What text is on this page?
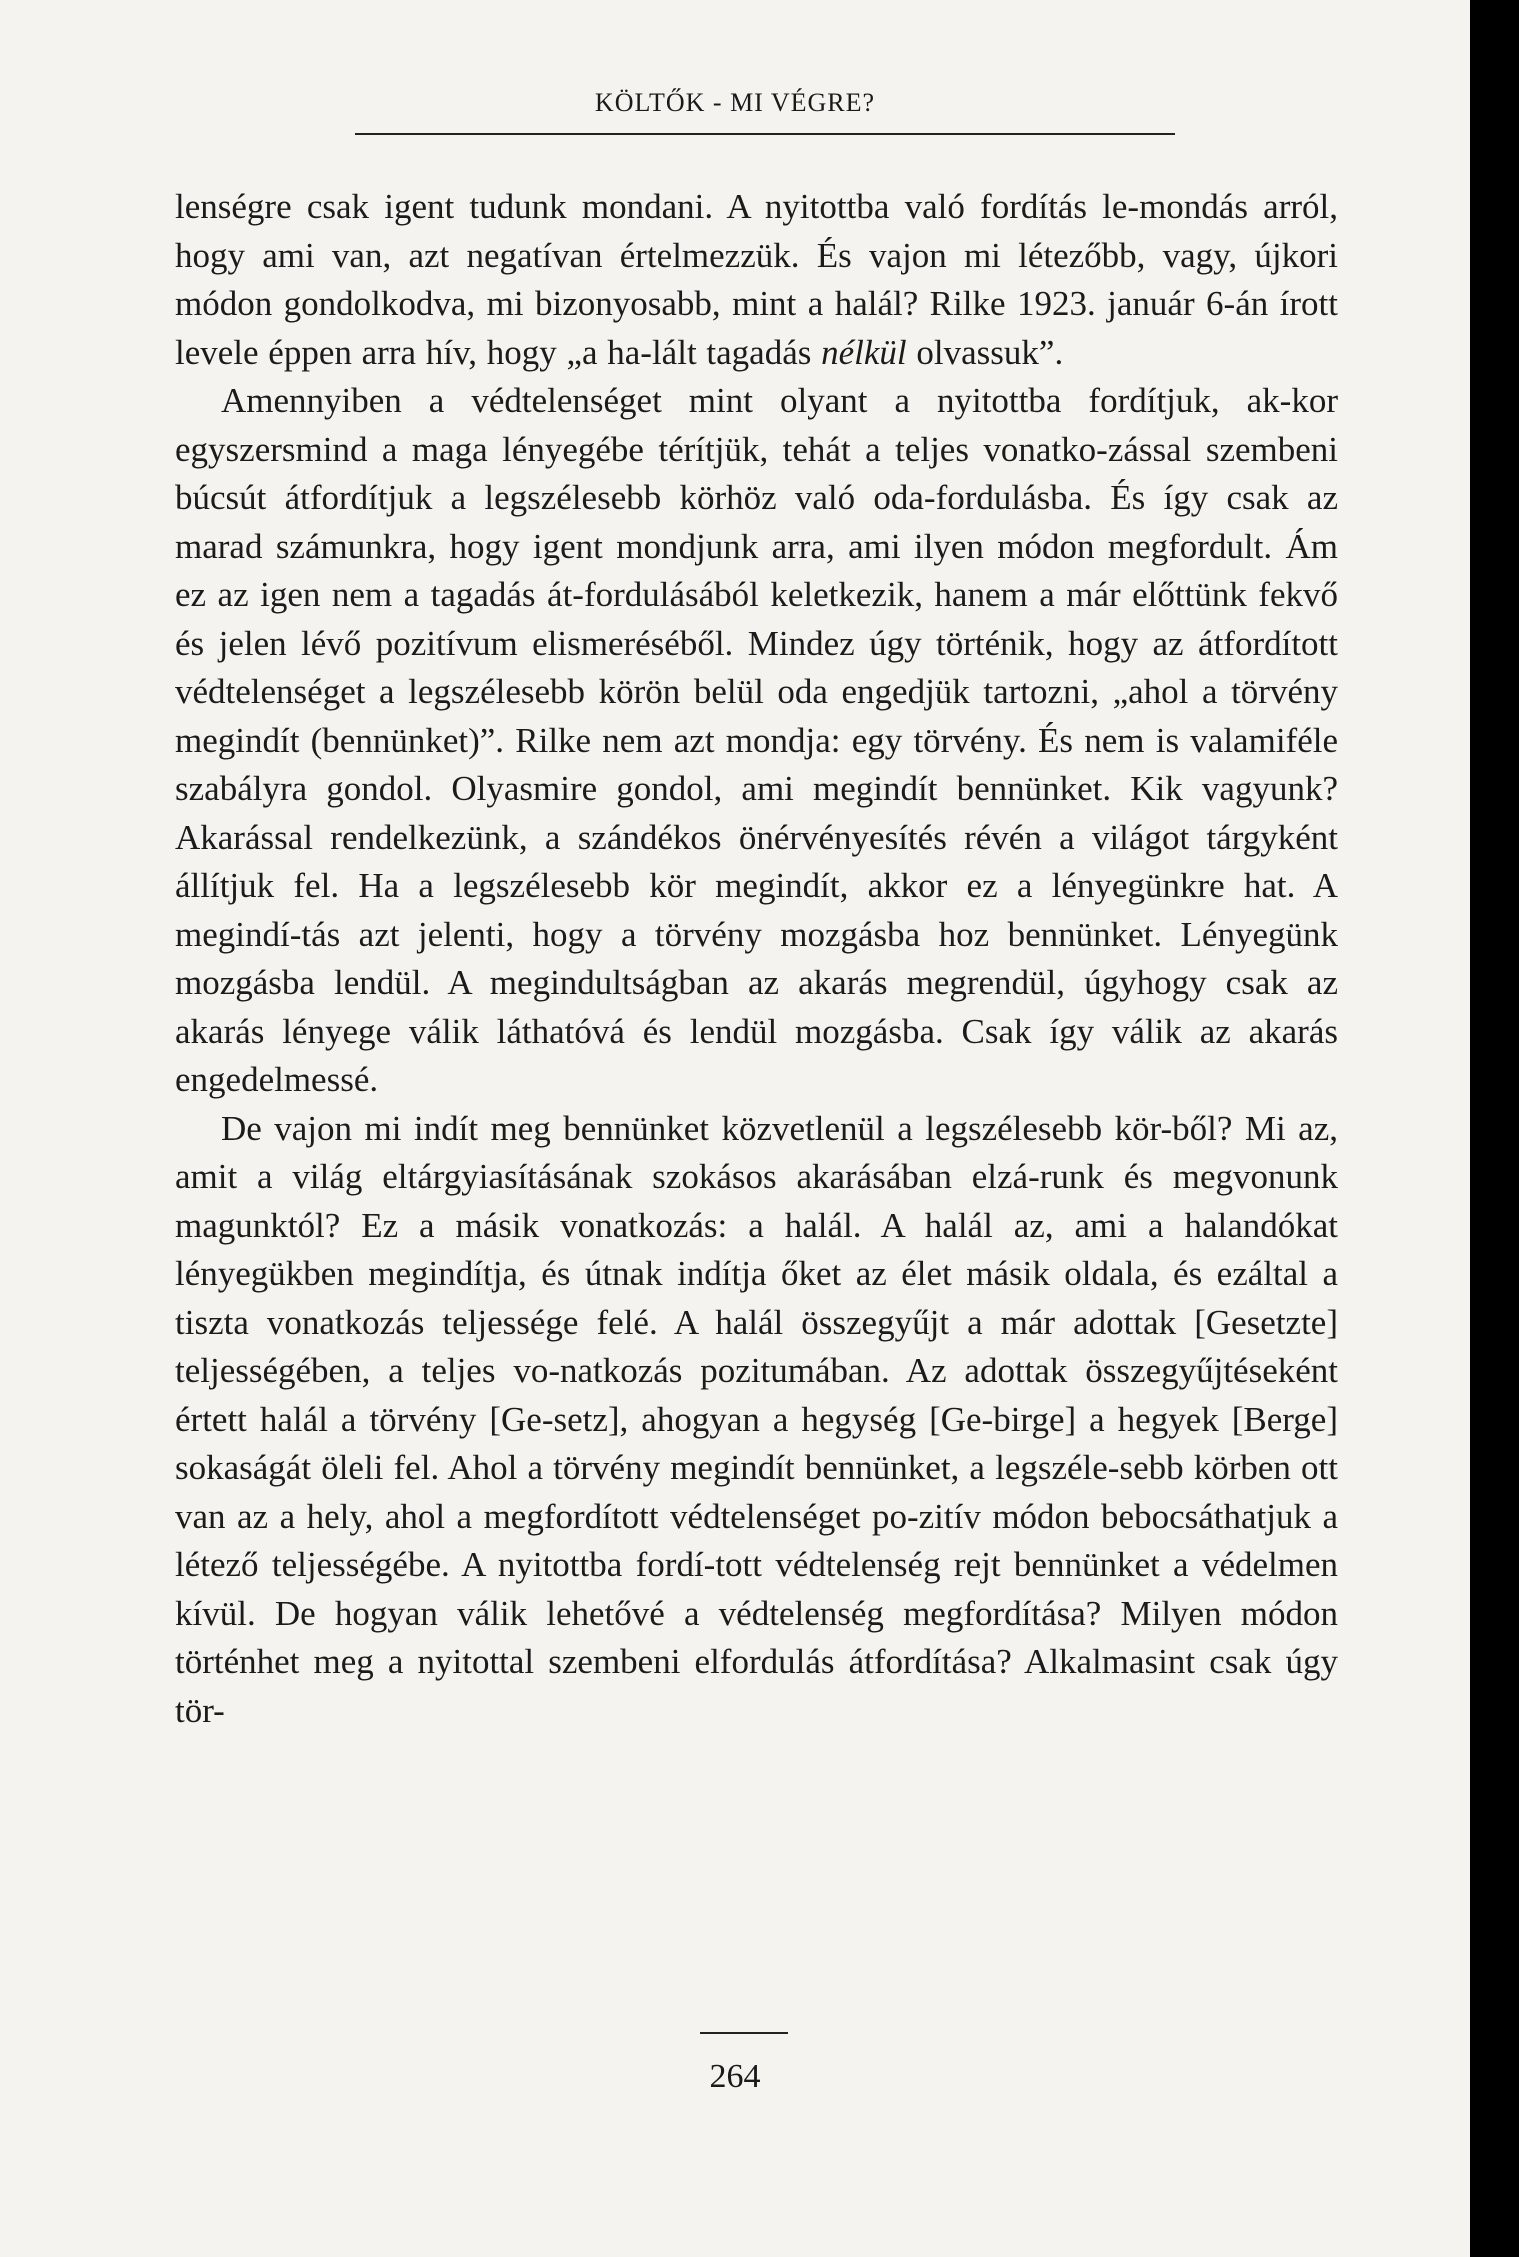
KÖLTŐK - MI VÉGRE?

lenségre csak igent tudunk mondani. A nyitottba való fordítás le-mondás arról, hogy ami van, azt negatívan értelmezzük. És vajon mi létezőbb, vagy, újkori módon gondolkodva, mi bizonyosabb, mint a halál? Rilke 1923. január 6-án írott levele éppen arra hív, hogy „a ha-lált tagadás nélkül olvassuk”.

Amennyiben a védtelenséget mint olyant a nyitottba fordítjuk, ak-kor egyszersmind a maga lényegébe térítjük, tehát a teljes vonatko-zással szembeni búcsút átfordítjuk a legszélesebb körhöz való oda-fordulásba. És így csak az marad számunkra, hogy igent mondjunk arra, ami ilyen módon megfordult. Ám ez az igen nem a tagadás át-fordulásából keletkezik, hanem a már előttünk fekvő és jelen lévő pozitívum elismeréséből. Mindez úgy történik, hogy az átfordított védtelenséget a legszélesebb körön belül oda engedjük tartozni, „ahol a törvény megindít (bennünket)”. Rilke nem azt mondja: egy törvény. És nem is valamiféle szabályra gondol. Olyasmire gondol, ami megindít bennünket. Kik vagyunk? Akarással rendelkezünk, a szándékos önérvényesítés révén a világot tárgyként állítjuk fel. Ha a legszélesebb kör megindít, akkor ez a lényegünkre hat. A megindí-tás azt jelenti, hogy a törvény mozgásba hoz bennünket. Lényegünk mozgásba lendül. A megindultságban az akarás megrendül, úgyhogy csak az akarás lényege válik láthatóvá és lendül mozgásba. Csak így válik az akarás engedelmessé.

De vajon mi indít meg bennünket közvetlenül a legszélesebb kör-ből? Mi az, amit a világ eltárgyiasításának szokásos akarásában elzá-runk és megvonunk magunktól? Ez a másik vonatkozás: a halál. A halál az, ami a halandókat lényegükben megindítja, és útnak indítja őket az élet másik oldala, és ezáltal a tiszta vonatkozás teljessége felé. A halál összegyűjt a már adottak [Gesetzte] teljességében, a teljes vo-natkozás pozitumában. Az adottak összegyűjtéseként értett halál a törvény [Ge-setz], ahogyan a hegység [Ge-birge] a hegyek [Berge] sokaságát öleli fel. Ahol a törvény megindít bennünket, a legszéle-sebb körben ott van az a hely, ahol a megfordított védtelenséget po-zitív módon bebocsáthatjuk a létező teljességébe. A nyitottba fordí-tott védtelenség rejt bennünket a védelmen kívül. De hogyan válik lehetővé a védtelenség megfordítása? Milyen módon történhet meg a nyitottal szembeni elfordulás átfordítása? Alkalmasint csak úgy tör-

264
